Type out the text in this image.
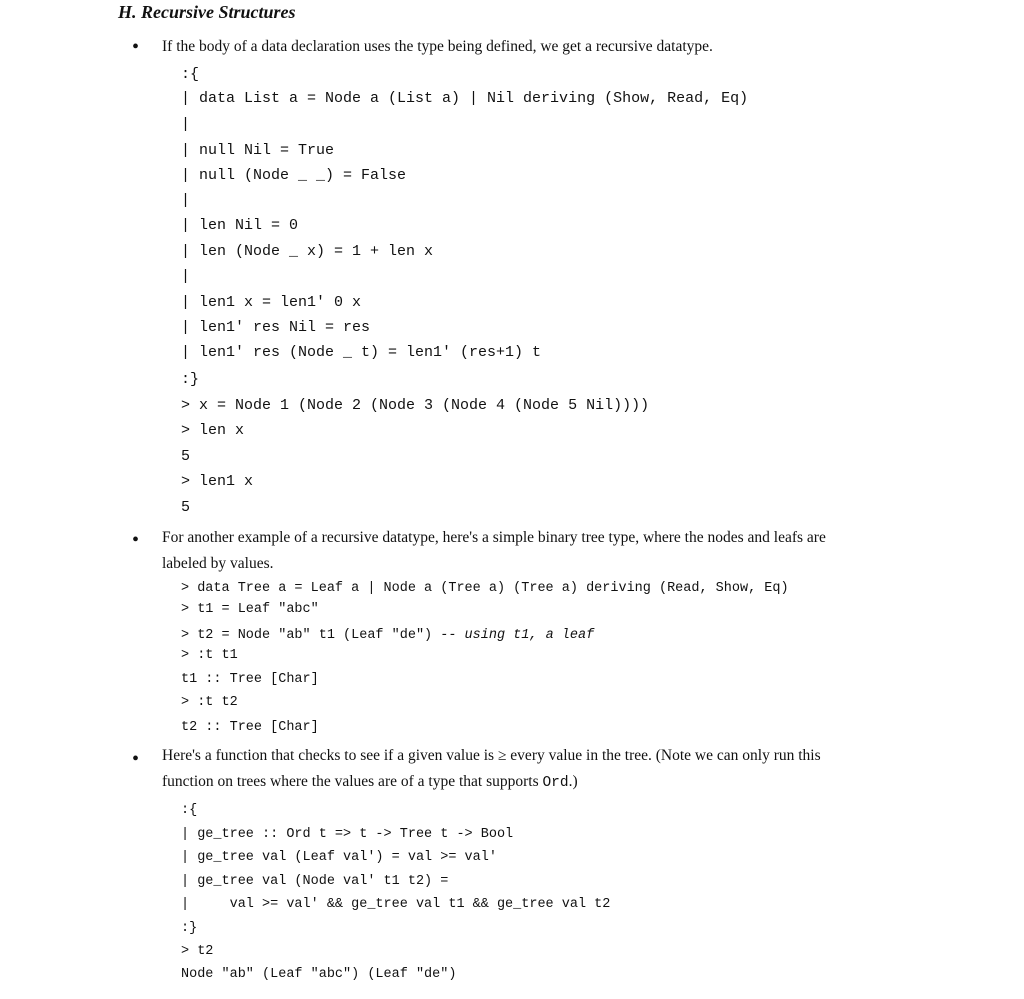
H. Recursive Structures
• If the body of a data declaration uses the type being defined, we get a recursive datatype.
:{
| data List a = Node a (List a) | Nil deriving (Show, Read, Eq)
|
| null Nil = True
| null (Node _ _) = False
|
| len Nil = 0
| len (Node _ x) = 1 + len x
|
| len1 x = len1' 0 x
| len1' res Nil = res
| len1' res (Node _ t) = len1' (res+1) t
:}
> x = Node 1 (Node 2 (Node 3 (Node 4 (Node 5 Nil))))
> len x
5
> len1 x
5
• For another example of a recursive datatype, here's a simple binary tree type, where the nodes and leafs are
labeled by values.
> data Tree a = Leaf a | Node a (Tree a) (Tree a) deriving (Read, Show, Eq)
> t1 = Leaf "abc"
> t2 = Node "ab" t1 (Leaf "de") -- using t1, a leaf
> :t t1
t1 :: Tree [Char]
> :t t2
t2 :: Tree [Char]
• Here's a function that checks to see if a given value is ≥ every value in the tree. (Note we can only run this
function on trees where the values are of a type that supports Ord.)
:{
| ge_tree :: Ord t => t -> Tree t -> Bool
| ge_tree val (Leaf val') = val >= val'
| ge_tree val (Node val' t1 t2) =
|     val >= val' && ge_tree val t1 && ge_tree val t2
:}
> t2
Node "ab" (Leaf "abc") (Leaf "de")
